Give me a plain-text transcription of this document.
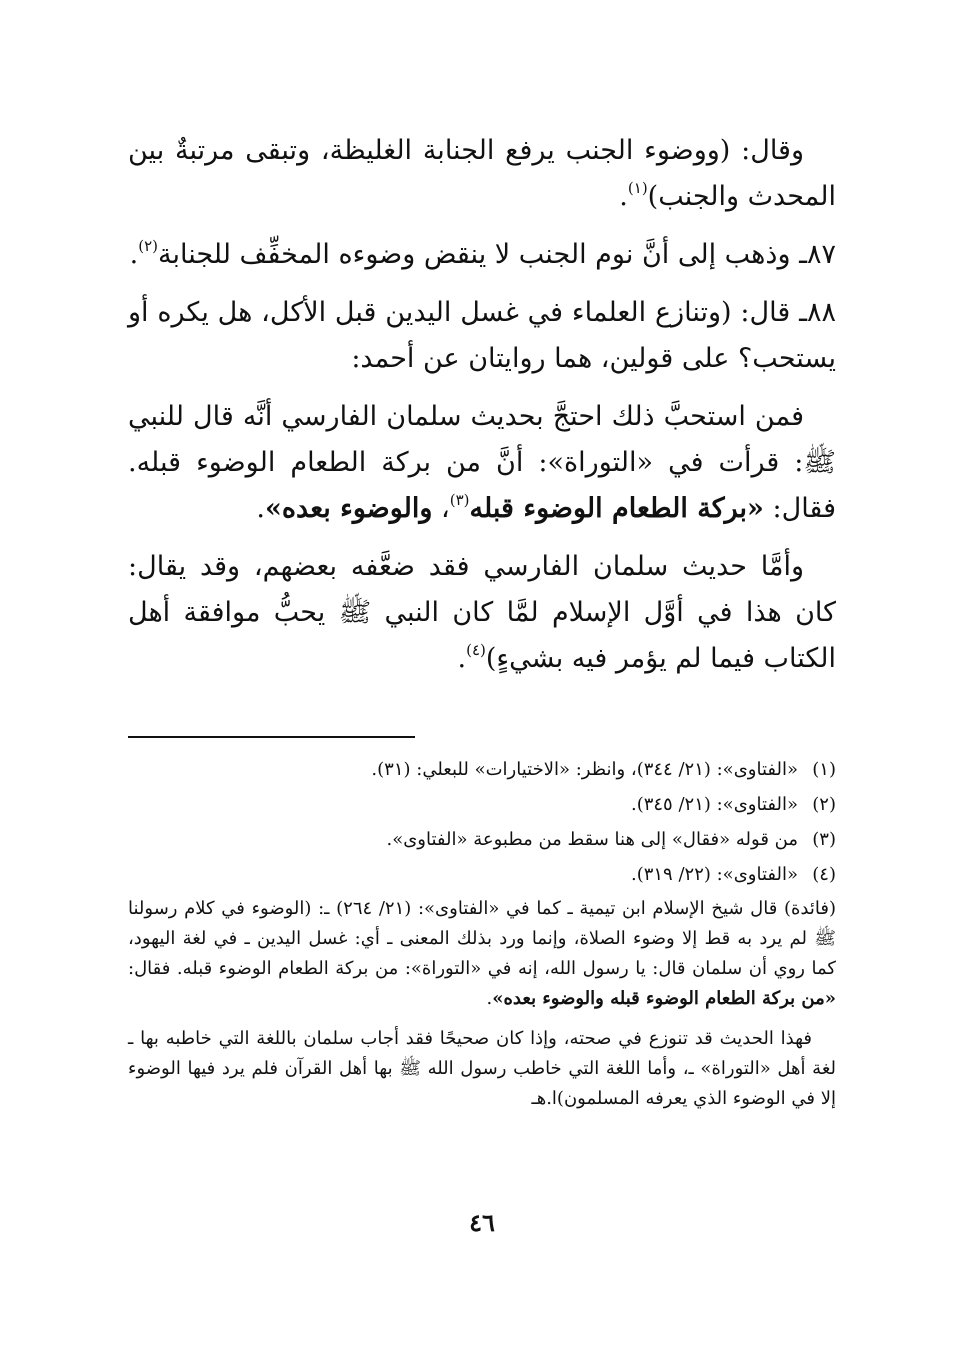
وقال: (ووضوء الجنب يرفع الجنابة الغليظة، وتبقى مرتبةٌ بين المحدث والجنب)$^{(١)}$.

٨٧ـ وذهب إلى أنَّ نوم الجنب لا ينقض وضوءه المخفِّف للجنابة$^{(٢)}$.

٨٨ـ قال: (وتنازع العلماء في غسل اليدين قبل الأكل، هل يكره أو يستحب؟ على قولين، هما روايتان عن أحمد:

فمن استحبَّ ذلك احتجَّ بحديث سلمان الفارسي أنَّه قال للنبي ﷺ: قرأت في «التوراة»: أنَّ من بركة الطعام الوضوء قبله. فقال: «بركة الطعام الوضوء قبله$^{(٣)}$، والوضوء بعده».

وأمَّا حديث سلمان الفارسي فقد ضعَّفه بعضهم، وقد يقال: كان هذا في أوَّل الإسلام لمَّا كان النبي ﷺ يحبُّ موافقة أهل الكتاب فيما لم يؤمر فيه بشيءٍ)$^{(٤)}$.

(١)
«الفتاوى»: (٢١/ ٣٤٤)، وانظر: «الاختيارات» للبعلي: (٣١).
(٢)
«الفتاوى»: (٢١/ ٣٤٥).
(٣)
من قوله «فقال» إلى هنا سقط من مطبوعة «الفتاوى».
(٤)
«الفتاوى»: (٢٢/ ٣١٩).
(فائدة) قال شيخ الإسلام ابن تيمية ـ كما في «الفتاوى»: (٢١/ ٢٦٤) ـ: (الوضوء في كلام رسولنا ﷺ لم يرد به قط إلا وضوء الصلاة، وإنما ورد بذلك المعنى ـ أي: غسل اليدين ـ في لغة اليهود، كما روي أن سلمان قال: يا رسول الله، إنه في «التوراة»: من بركة الطعام الوضوء قبله. فقال: «من بركة الطعام الوضوء قبله والوضوء بعده».
فهذا الحديث قد تنوزع في صحته، وإذا كان صحيحًا فقد أجاب سلمان باللغة التي خاطبه بها ـ لغة أهل «التوراة» ـ، وأما اللغة التي خاطب رسول الله ﷺ بها أهل القرآن فلم يرد فيها الوضوء إلا في الوضوء الذي يعرفه المسلمون)ا.هـ
٤٦
